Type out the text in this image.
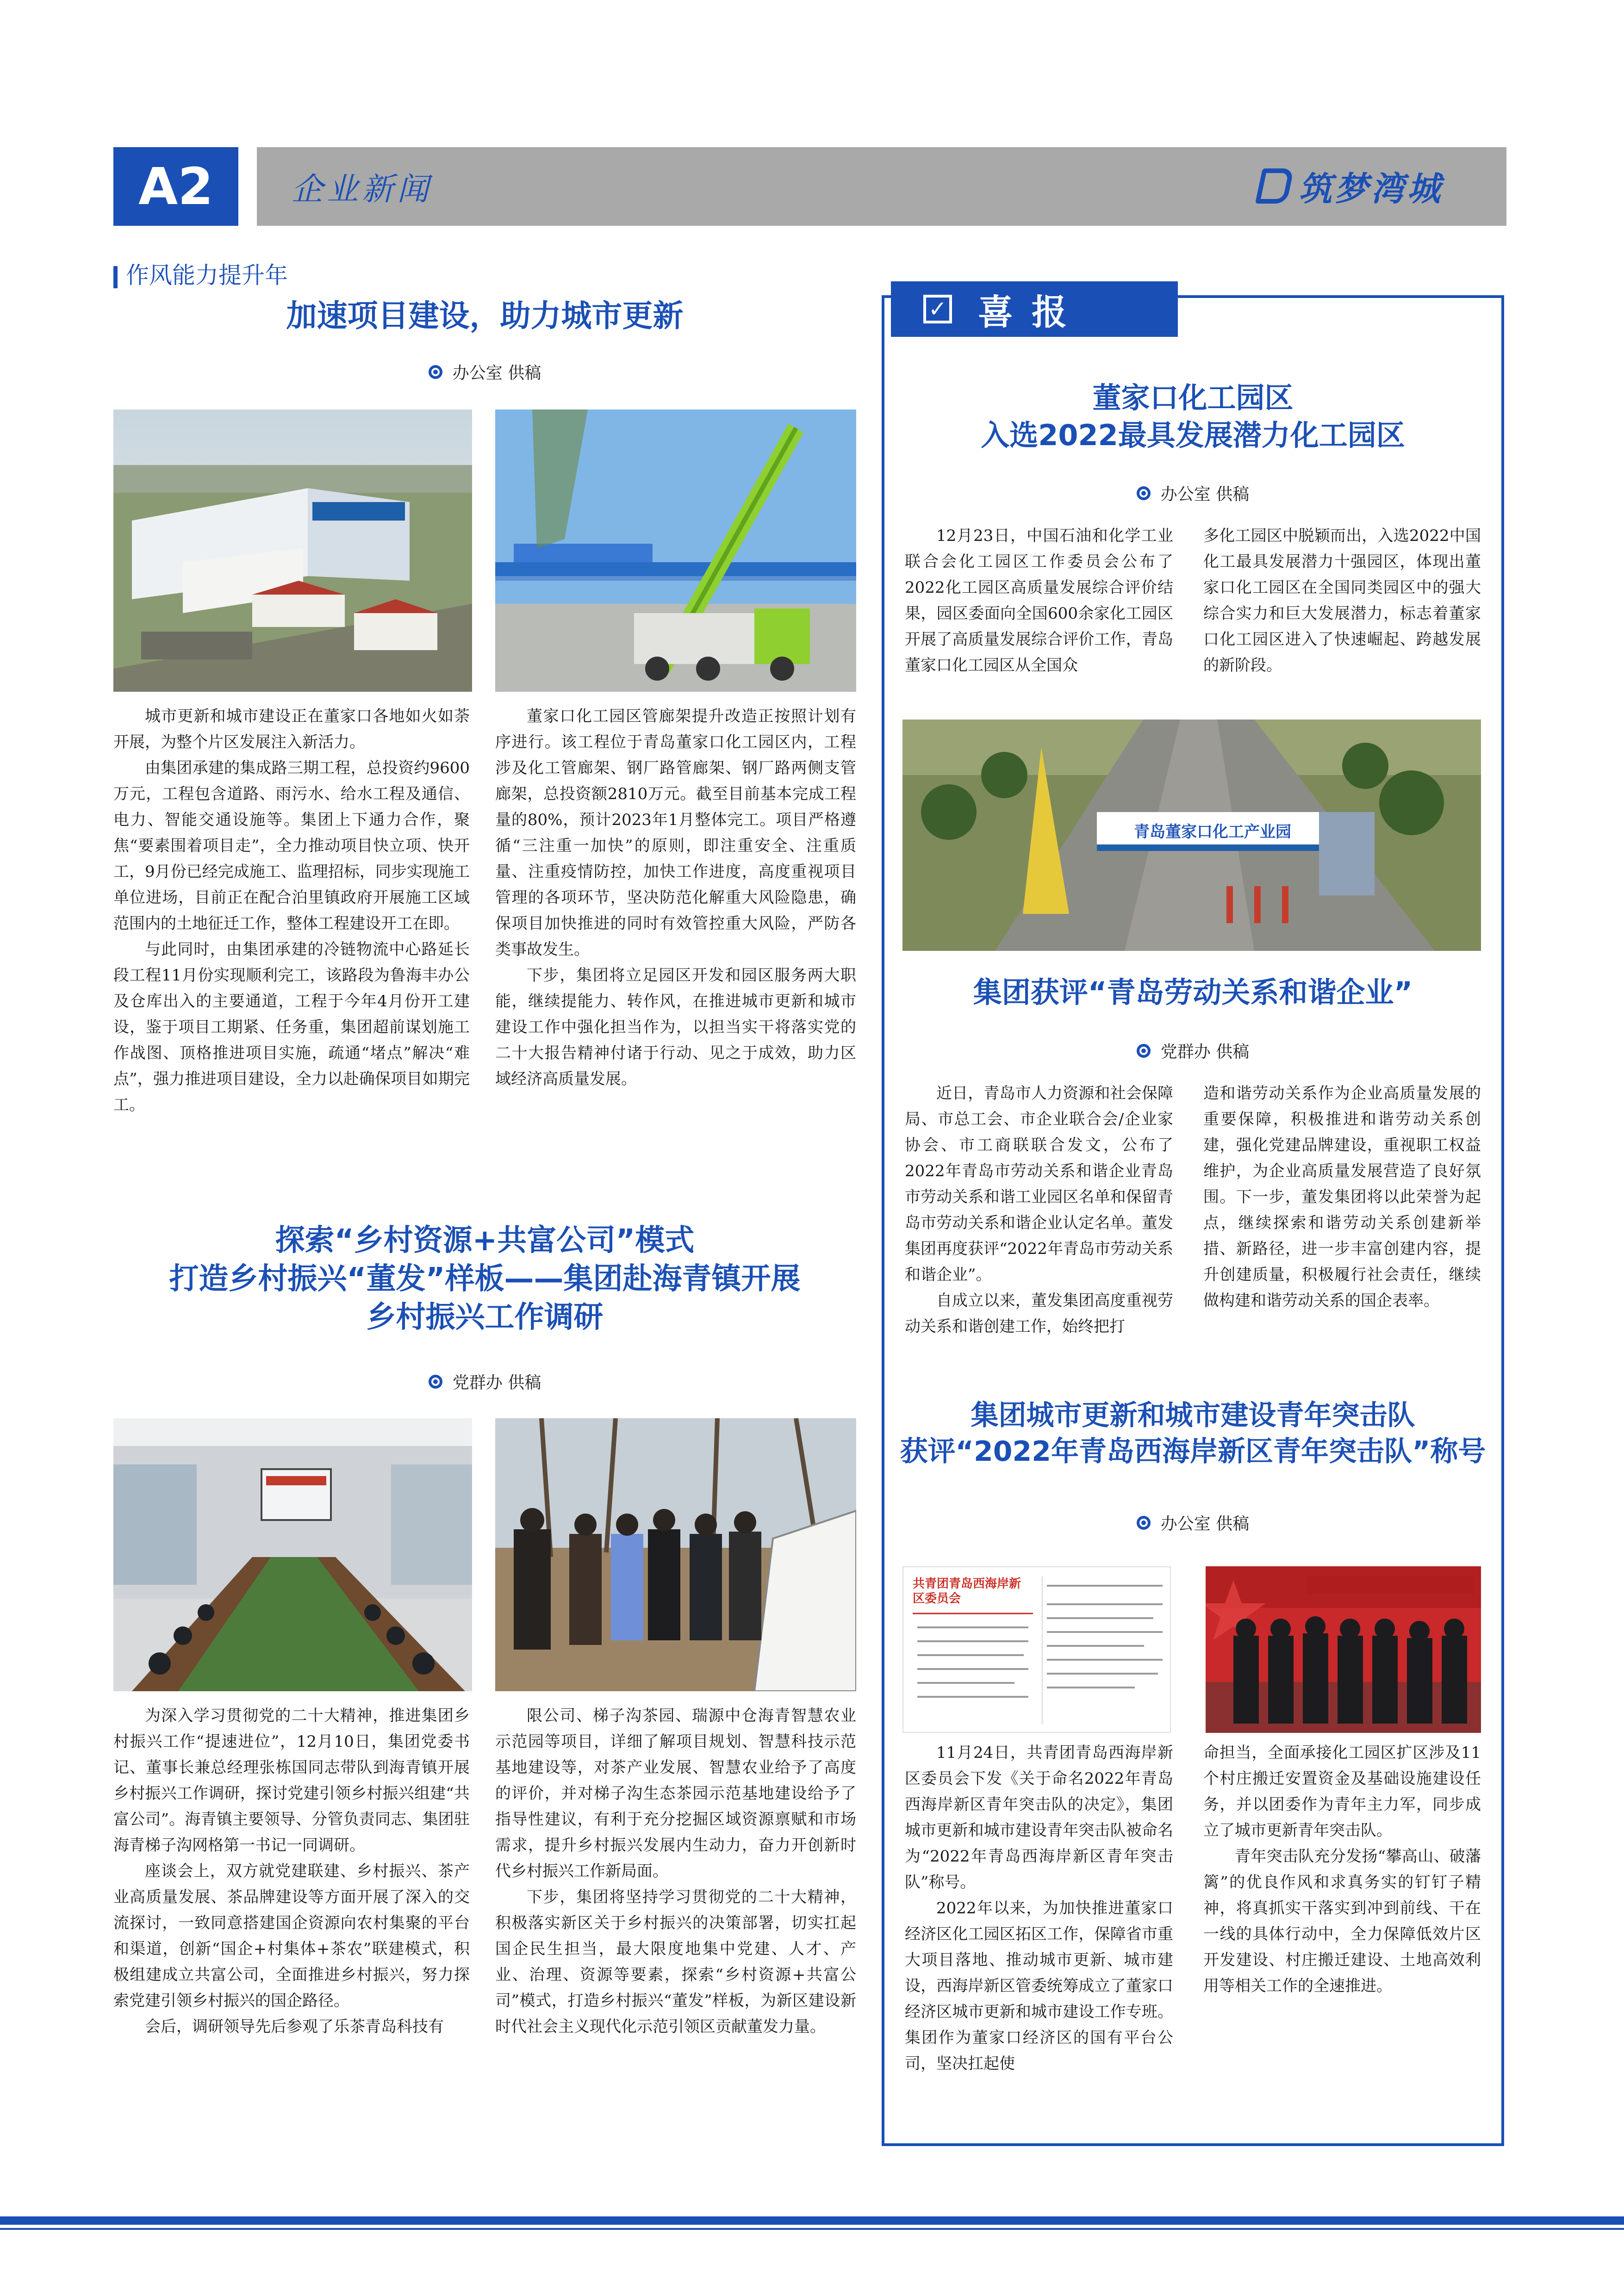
A2	企业新闻	筑梦湾城
作风能力提升年
加速项目建设，助力城市更新
办公室 供稿

城市更新和城市建设正在董家口各地如火如荼开展，为整个片区发展注入新活力。

由集团承建的集成路三期工程，总投资约9600万元，工程包含道路、雨污水、给水工程及通信、电力、智能交通设施等。集团上下通力合作，聚焦“要素围着项目走”，全力推动项目快立项、快开工，9月份已经完成施工、监理招标，同步实现施工单位进场，目前正在配合泊里镇政府开展施工区域范围内的土地征迁工作，整体工程建设开工在即。

与此同时，由集团承建的冷链物流中心路延长段工程11月份实现顺利完工，该路段为鲁海丰办公及仓库出入的主要通道，工程于今年4月份开工建设，鉴于项目工期紧、任务重，集团超前谋划施工作战图、顶格推进项目实施，疏通“堵点”解决“难点”，强力推进项目建设，全力以赴确保项目如期完工。

董家口化工园区管廊架提升改造正按照计划有序进行。该工程位于青岛董家口化工园区内，工程涉及化工管廊架、钢厂路管廊架、钢厂路两侧支管廊架，总投资额2810万元。截至目前基本完成工程量的80%，预计2023年1月整体完工。项目严格遵循“三注重一加快”的原则，即注重安全、注重质量、注重疫情防控，加快工作进度，高度重视项目管理的各项环节，坚决防范化解重大风险隐患，确保项目加快推进的同时有效管控重大风险，严防各类事故发生。

下步，集团将立足园区开发和园区服务两大职能，继续提能力、转作风，在推进城市更新和城市建设工作中强化担当作为，以担当实干将落实党的二十大报告精神付诸于行动、见之于成效，助力区域经济高质量发展。

探索“乡村资源+共富公司”模式
打造乡村振兴“董发”样板——集团赴海青镇开展
乡村振兴工作调研
党群办 供稿

为深入学习贯彻党的二十大精神，推进集团乡村振兴工作“提速进位”，12月10日，集团党委书记、董事长兼总经理张栋国同志带队到海青镇开展乡村振兴工作调研，探讨党建引领乡村振兴组建“共富公司”。海青镇主要领导、分管负责同志、集团驻海青梯子沟网格第一书记一同调研。

座谈会上，双方就党建联建、乡村振兴、茶产业高质量发展、茶品牌建设等方面开展了深入的交流探讨，一致同意搭建国企资源向农村集聚的平台和渠道，创新“国企+村集体+茶农”联建模式，积极组建成立共富公司，全面推进乡村振兴，努力探索党建引领乡村振兴的国企路径。

会后，调研领导先后参观了乐茶青岛科技有

限公司、梯子沟茶园、瑞源中仓海青智慧农业示范园等项目，详细了解项目规划、智慧科技示范基地建设等，对茶产业发展、智慧农业给予了高度的评价，并对梯子沟生态茶园示范基地建设给予了指导性建议，有利于充分挖掘区域资源禀赋和市场需求，提升乡村振兴发展内生动力，奋力开创新时代乡村振兴工作新局面。

下步，集团将坚持学习贯彻党的二十大精神，积极落实新区关于乡村振兴的决策部署，切实扛起国企民生担当，最大限度地集中党建、人才、产业、治理、资源等要素，探索“乡村资源+共富公司”模式，打造乡村振兴“董发”样板，为新区建设新时代社会主义现代化示范引领区贡献董发力量。

✓ 喜报
董家口化工园区
入选2022最具发展潜力化工园区
办公室 供稿

12月23日，中国石油和化学工业联合会化工园区工作委员会公布了2022化工园区高质量发展综合评价结果，园区委面向全国600余家化工园区开展了高质量发展综合评价工作，青岛董家口化工园区从全国众

多化工园区中脱颖而出，入选2022中国化工最具发展潜力十强园区，体现出董家口化工园区在全国同类园区中的强大综合实力和巨大发展潜力，标志着董家口化工园区进入了快速崛起、跨越发展的新阶段。

青岛董家口化工产业园
集团获评“青岛劳动关系和谐企业”
党群办 供稿

近日，青岛市人力资源和社会保障局、市总工会、市企业联合会/企业家协会、市工商联联合发文，公布了2022年青岛市劳动关系和谐企业青岛市劳动关系和谐工业园区名单和保留青岛市劳动关系和谐企业认定名单。董发集团再度获评“2022年青岛市劳动关系和谐企业”。

自成立以来，董发集团高度重视劳动关系和谐创建工作，始终把打

造和谐劳动关系作为企业高质量发展的重要保障，积极推进和谐劳动关系创建，强化党建品牌建设，重视职工权益维护，为企业高质量发展营造了良好氛围。下一步，董发集团将以此荣誉为起点，继续探索和谐劳动关系创建新举措、新路径，进一步丰富创建内容，提升创建质量，积极履行社会责任，继续做构建和谐劳动关系的国企表率。

集团城市更新和城市建设青年突击队
获评“2022年青岛西海岸新区青年突击队”称号
办公室 供稿
共青团青岛西海岸新区委员会

11月24日，共青团青岛西海岸新区委员会下发《关于命名2022年青岛西海岸新区青年突击队的决定》，集团城市更新和城市建设青年突击队被命名为“2022年青岛西海岸新区青年突击队”称号。

2022年以来，为加快推进董家口经济区化工园区拓区工作，保障省市重大项目落地、推动城市更新、城市建设，西海岸新区管委统筹成立了董家口经济区城市更新和城市建设工作专班。集团作为董家口经济区的国有平台公司，坚决扛起使

命担当，全面承接化工园区扩区涉及11个村庄搬迁安置资金及基础设施建设任务，并以团委作为青年主力军，同步成立了城市更新青年突击队。

青年突击队充分发扬“攀高山、破藩篱”的优良作风和求真务实的钉钉子精神，将真抓实干落实到冲到前线、干在一线的具体行动中，全力保障低效片区开发建设、村庄搬迁建设、土地高效利用等相关工作的全速推进。
